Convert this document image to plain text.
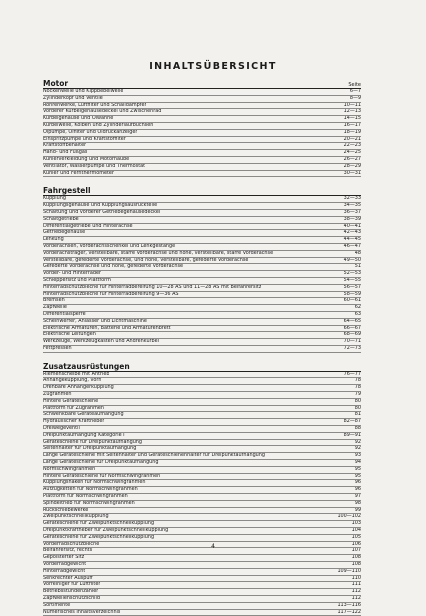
INHALTSÜBERSICHT
Motor	Seite
Nockenwelle und Kippbebelwelle	6—7
Zylinderkopf und Ventile	8—9
Rohrenwerke, Luftfilter und Schalldämpfer	10—11
Vorderer Kurbelgehäusedeckel und Zwischenrad	12—13
Kurbelgehäuse und Ölwanne	14—15
Kurbelwelle, Kolben und Zylinderlaufbüchsen	16—17
Ölpumpe, Ölfilter und Öldruckanzeiger	18—19
Einspritzpumpe und Kraftstoffilter	20—21
Kraftstoffbehälter	22—23
Hand- und Fußgas	24—25
Kühlerverkleidung und Motorhaube	26—27
Ventilator, Wasserpumpe und Thermostat	28—29
Kühler und Fernthermometer	30—31
Fahrgestell
Kupplung	32—33
Kupplungsgehäuse und Kupplungsausrückteile	34—35
Schaltung und vorderer Getriebegehäusedeckel	36—37
Schaltgetriebe	38—39
Differentialgetriebe und Hinterachse	40—41
Getriebegehäuse	42—43
Lenkung	44—45
Vorderachsen, Vorderachsschenkel und Lenkgestänge	46—47
Vorderachsträger, verstellbare, starre Vorderachse und hohe, verstellbare, starre Vorderachse	48
Verstellbare, gefederte Vorderachse, und hohe, verstellbare, gefederte Vorderachse	49—50
Gefederte Vorderachse und hohe, gefederte Vorderachse	51
Vorder- und Hinterräder	52—53
Schleppersitz und Plattform	54—55
Hinterradschutzbleche für Hinterradbereifung 10—28 AS und 11—28 AS mit Beifahrersitz	56—57
Hinterradschutzbleche für Hinterradbereifung 9—36 AS	58—59
Bremsen	60—61
Zapfwelle	62
Differentialsperre	63
Scheinwerfer, Anlasser und Lichtmaschine	64—65
Elektrische Armaturen, Batterie und Armaturenbrett	66—67
Elektrische Leitungen	68—69
Werkzeuge, Werkzeugkasten und Andrehkurbel	70—71
Fettpressen	72—73
Zusatzausrüstungen
Riemenscheibe mit Antrieb	76—77
Anhängekupplung, vorn	78
Drehbare Anhängerkupplung	78
Zugrahmen	79
Hintere Geräteschiene	80
Plattform für Zugrahmen	80
Schwenkbare Geräteaufhängung	81
Hydraulischer Kraftheber	82—87
Dreiwegeventil	88
Dreipunktaufhängung Kategorie I	89—91
Geräteschiene für Dreipunktaufhängung	92
Seitenhalter für Dreipunktaufhängung	92
Lange Geräteschiene mit Seitenhalter und Geräteschienenhalter für Dreipunktaufhängung	93
Lange Geräteschiene für Dreipunktaufhängung	94
Normschwingrahmen	95
Hintere Geräteschiene für Normschwingrahmen	95
Kupplungshaken für Normschwingrahmen	96
Aufzugketten für Normschwingrahmen	96
Plattform für Normschwingrahmen	97
Spindeltrieb für Normschwingrahmen	98
Rückschiebewerke	99
Zweipunktschnellkupplung	100—102
Geräteschiene für Zweipunktschnellkupplung	103
Dreipunktkraftheber für Zweipunktschnellkupplung	104
Geräteschiene für Zweipunktschnellkupplung	105
Vorderradschutzbleche	106
Beifahrersitz, rechts	107
Gepolsterter Sitz	108
Vorderradgewicht	108
Hinterradgewicht	109—110
Senkrechter Auspuff	110
Vorreiniger für Luftfilter	111
Betriebsstundenzähler	112
Zapfwellenschutzschild	112
Sortimente	113—116
Numerisches Inhaltsverzeichnis	117—122
4
